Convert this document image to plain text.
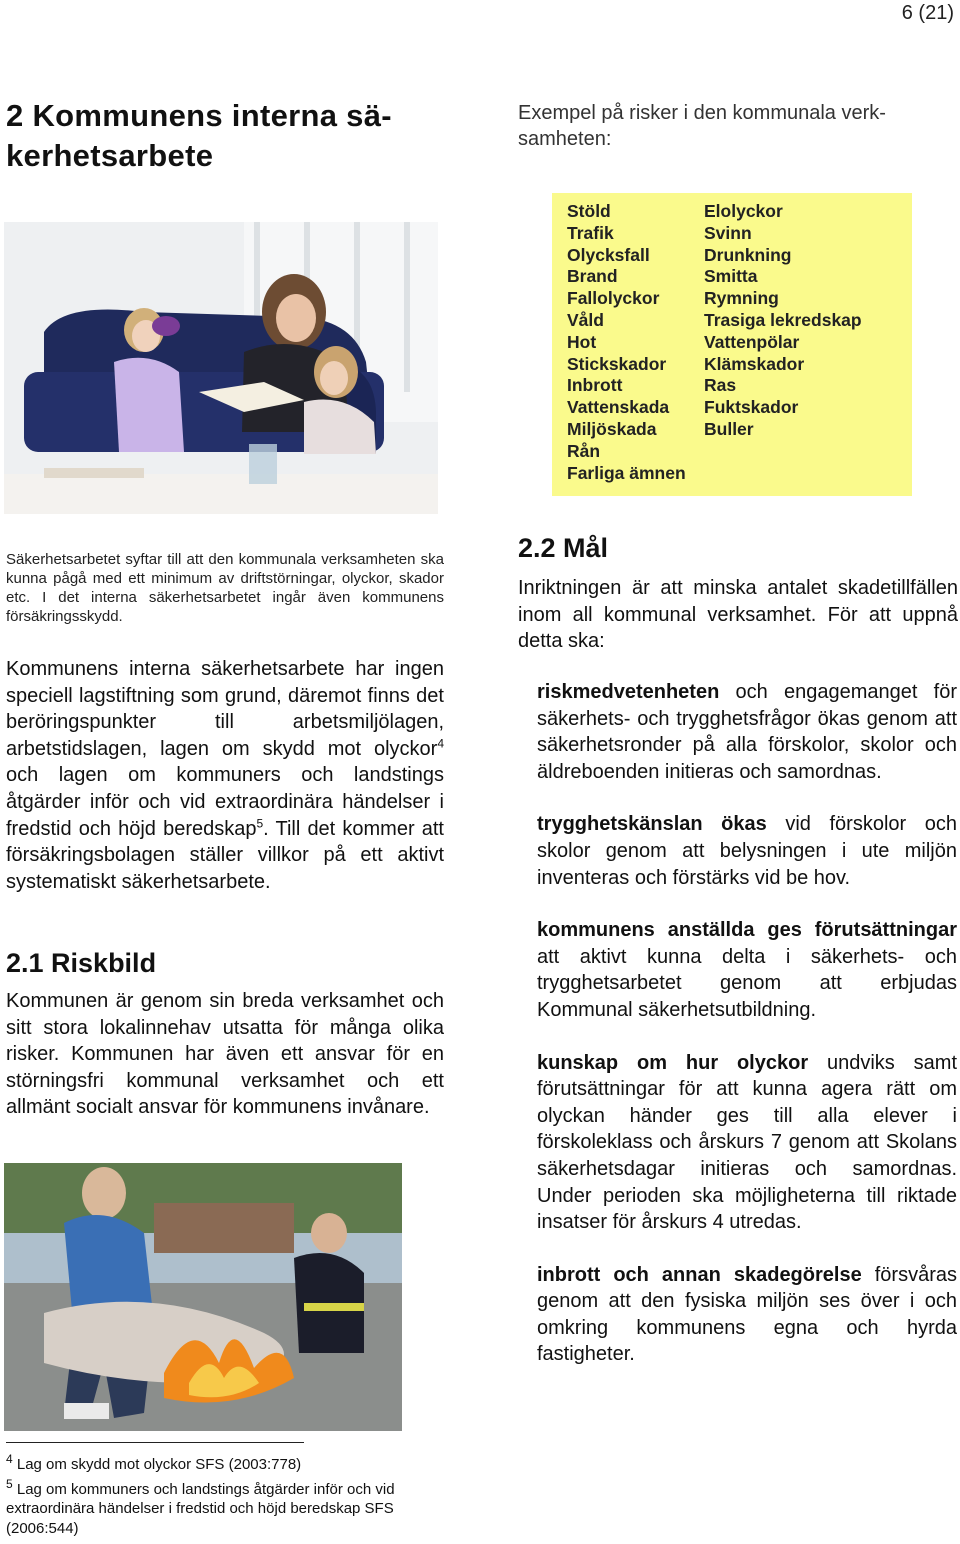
6 (21)
2 Kommunens interna sä-
kerhetsarbete
Exempel på risker i den kommunala verk-
samheten:
Stöld
Trafik
Olycksfall
Brand
Fallolyckor
Våld
Hot
Stickskador
Inbrott
Vattenskada
Miljöskada
Rån
Farliga ämnen
Elolyckor
Svinn
Drunkning
Smitta
Rymning
Trasiga lekredskap
Vattenpölar
Klämskador
Ras
Fuktskador
Buller
Säkerhetsarbetet syftar till att den kommunala verksamheten ska kunna pågå med ett minimum av driftstörningar, olyckor, skador etc. I det interna säkerhetsarbetet ingår även kommunens försäkringsskydd.
Kommunens interna säkerhetsarbete har ingen speciell lagstiftning som grund, däremot finns det beröringspunkter till arbetsmiljölagen, arbetstidslagen, lagen om skydd mot olyckor$^4$ och lagen om kommuners och landstings åtgärder inför och vid extraordinära händelser i fredstid och höjd beredskap$^5$. Till det kommer att försäkringsbolagen ställer villkor på ett aktivt systematiskt säkerhetsarbete.
2.1 Riskbild
Kommunen är genom sin breda verksamhet och sitt stora lokalinnehav utsatta för många olika risker. Kommunen har även ett ansvar för en störningsfri kommunal verksamhet och ett allmänt socialt ansvar för kommunens invånare.
2.2 Mål
Inriktningen är att minska antalet skadetillfällen inom all kommunal verksamhet. För att uppnå detta ska:
riskmedvetenheten och engagemanget för säkerhets- och trygghetsfrågor ökas genom att säkerhetsronder på alla förskolor, skolor och äldreboenden initieras och samordnas.
trygghetskänslan ökas vid förskolor och skolor genom att belysningen i ute miljön inventeras och förstärks vid be hov.
kommunens anställda ges förutsättningar att aktivt kunna delta i säkerhets- och trygghetsarbetet genom att erbjudas Kommunal säkerhetsutbildning.
kunskap om hur olyckor undviks samt förutsättningar för att kunna agera rätt om olyckan händer ges till alla elever i förskoleklass och årskurs 7 genom att Skolans säkerhetsdagar initieras och samordnas. Under perioden ska möjligheterna till riktade insatser för årskurs 4 utredas.
inbrott och annan skadegörelse försvåras genom att den fysiska miljön ses över i och omkring kommunens egna och hyrda fastigheter.
$^4$ Lag om skydd mot olyckor SFS (2003:778)
$^5$ Lag om kommuners och landstings åtgärder inför och vid extraordinära händelser i fredstid och höjd beredskap SFS (2006:544)
